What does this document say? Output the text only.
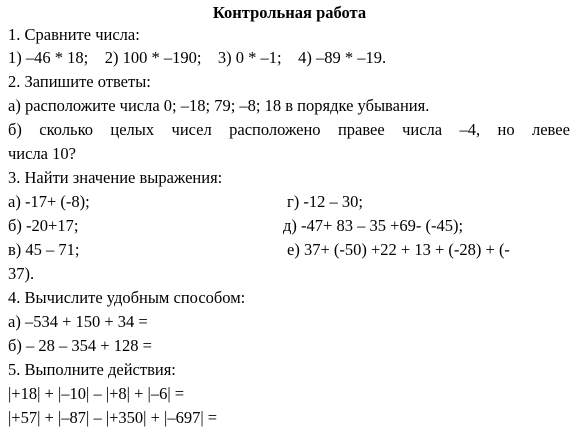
Контрольная работа
1. Сравните числа:
1) –46 * 18;    2) 100 * –190;    3) 0 * –1;    4) –89 * –19.
2. Запишите ответы:
а) расположите числа 0; –18; 79; –8; 18 в порядке убывания.
б) сколько целых чисел расположено правее числа –4, но левее
числа 10?
3. Найти значение выражения:
а) -17+ (-8);	г) -12 – 30;
б) -20+17;	д) -47+ 83 – 35 +69- (-45);
в) 45 – 71;	е) 37+ (-50) +22 + 13 + (-28) + (-
37).
4. Вычислите удобным способом:
а) –534 + 150 + 34 =
б) – 28 – 354 + 128 =
5. Выполните действия:
|+18| + |–10| – |+8| + |–6| =
|+57| + |–87| – |+350| + |–697| =
